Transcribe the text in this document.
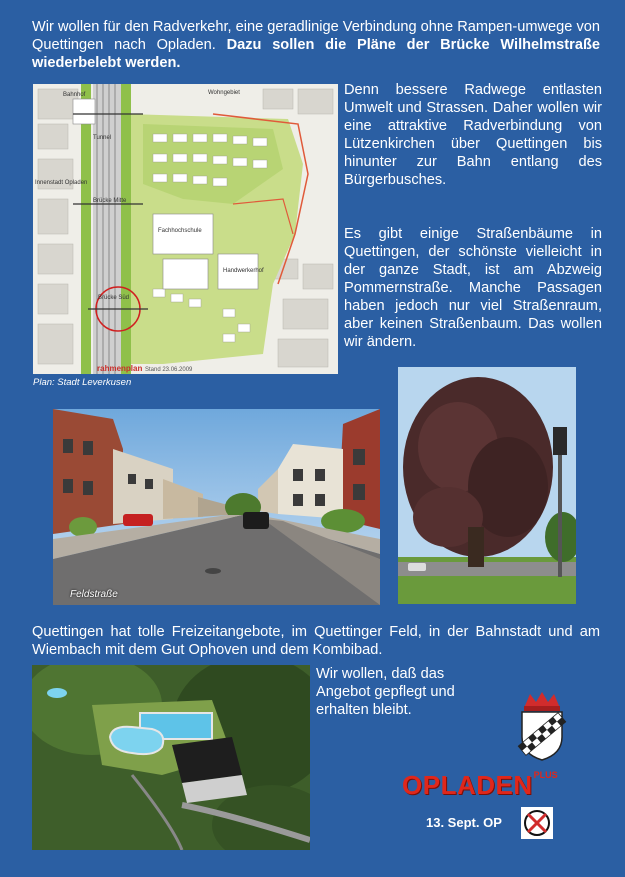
Wir wollen für den Radverkehr, eine geradlinige Verbindung ohne Rampen-umwege von Quettingen nach Opladen. Dazu sollen die Pläne der Brücke Wilhelmstraße wiederbelebt werden.

Bahnhof	Wohngebiet
Tunnel
Innenstadt Opladen
Brücke Mitte
Fachhochschule
Brücke Süd
Handwerkerhof
rahmenplan Stand 23.06.2009
Plan: Stadt Leverkusen

Denn bessere Radwege entlasten Umwelt und Strassen. Daher wollen wir eine attraktive Radverbindung von Lützenkirchen über Quettingen bis hinunter zur Bahn entlang des Bürgerbusches.

Es gibt einige Straßenbäume in Quettingen, der schönste vielleicht in der ganze Stadt, ist am Abzweig Pommernstraße. Manche Passagen haben jedoch nur viel Straßenraum, aber keinen Straßenbaum. Das wollen wir ändern.

Feldstraße

Quettingen hat tolle Freizeitangebote, im Quettinger Feld, in der Bahnstadt und am Wiembach mit dem Gut Ophoven und dem Kombibad.

Wir wollen, daß das Angebot gepflegt und erhalten bleibt.

$OPLADEN^{PLUS}$
13. Sept. OP
